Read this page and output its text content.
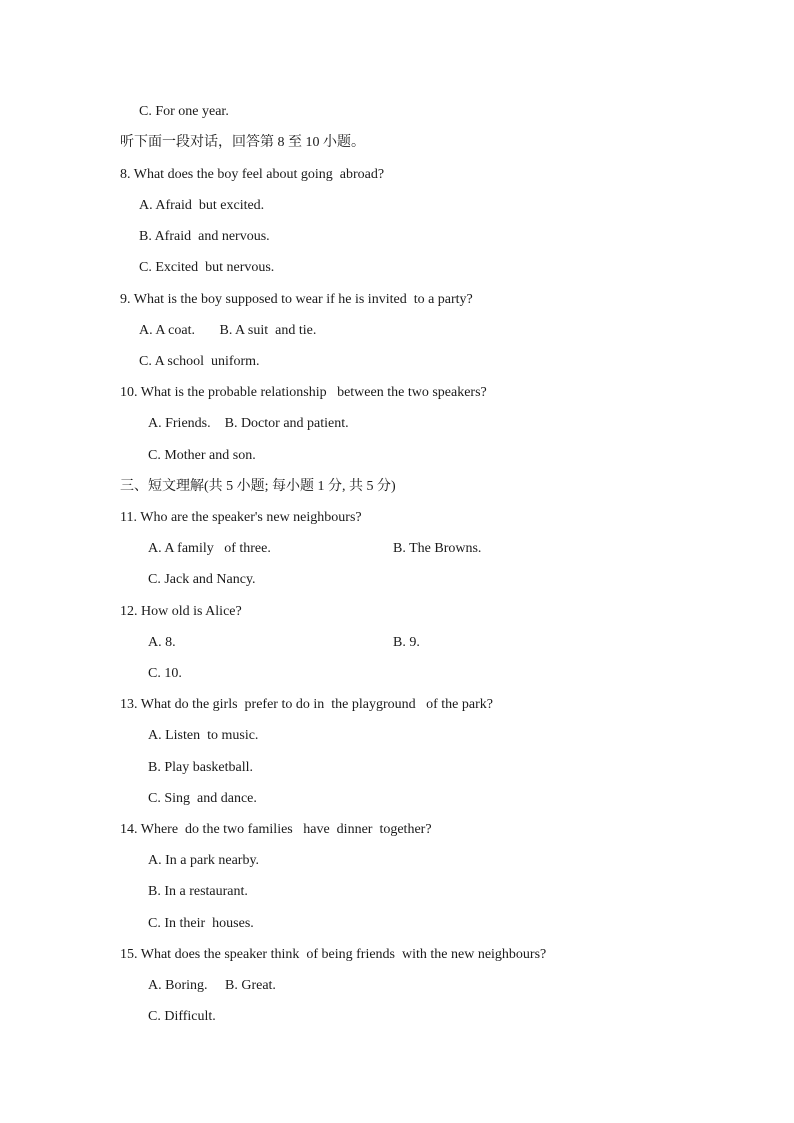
C. For one year.
听下面一段对话，回答第 8 至 10 小题。
8. What does the boy feel about going  abroad?
A. Afraid  but excited.
B. Afraid  and nervous.
C. Excited  but nervous.
9. What is the boy supposed to wear if he is invited  to a party?
A. A coat.       B. A suit  and tie.
C. A school  uniform.
10. What is the probable relationship   between the two speakers?
A. Friends.    B. Doctor and patient.
C. Mother and son.
三、短文理解(共 5 小题; 每小题 1 分, 共 5 分)
11. Who are the speaker's new neighbours?
A. A family   of three.	B. The Browns.
C. Jack and Nancy.
12. How old is Alice?
A. 8.	B. 9.
C. 10.
13. What do the girls  prefer to do in  the playground   of the park?
A. Listen  to music.
B. Play basketball.
C. Sing  and dance.
14. Where  do the two families   have  dinner  together?
A. In a park nearby.
B. In a restaurant.
C. In their  houses.
15. What does the speaker think  of being friends  with the new neighbours?
A. Boring.     B. Great.
C. Difficult.
